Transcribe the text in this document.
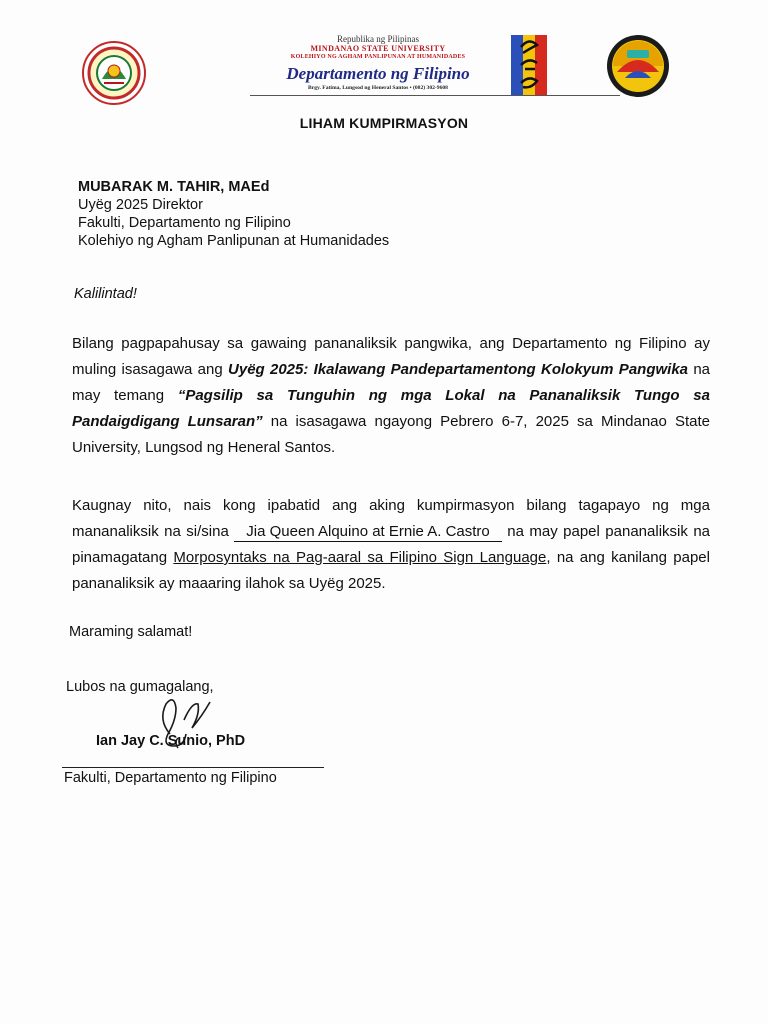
Republika ng Pilipinas
MINDANAO STATE UNIVERSITY
KOLEHIYO NG AGHAM PANLIPUNAN AT HUMANIDADES
Departamento ng Filipino
Brgy. Fatima, Lungsod ng Heneral Santos • (082) 302-9608
LIHAM KUMPIRMASYON
MUBARAK M. TAHIR, MAEd
Uyëg 2025 Direktor
Fakulti, Departamento ng Filipino
Kolehiyo ng Agham Panlipunan at Humanidades
Kalilintad!
Bilang pagpapahusay sa gawaing pananaliksik pangwika, ang Departamento ng Filipino ay muling isasagawa ang Uyëg 2025: Ikalawang Pandepartamentong Kolokyum Pangwika na may temang “Pagsilip sa Tunguhin ng mga Lokal na Pananaliksik Tungo sa Pandaigdigang Lunsaran” na isasagawa ngayong Pebrero 6-7, 2025 sa Mindanao State University, Lungsod ng Heneral Santos.
Kaugnay nito, nais kong ipabatid ang aking kumpirmasyon bilang tagapayo ng mga mananaliksik na si/sina Jia Queen Alquino at Ernie A. Castro na may papel pananaliksik na pinamagatang Morposyntaks na Pag-aaral sa Filipino Sign Language, na ang kanilang papel pananaliksik ay maaaring ilahok sa Uyëg 2025.
Maraming salamat!
Lubos na gumagalang,
Ian Jay C. Sunio, PhD
Fakulti, Departamento ng Filipino
